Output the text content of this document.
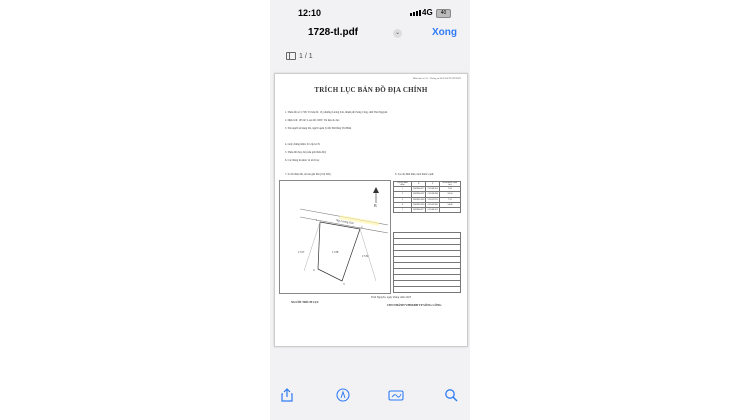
12:10	4G	40
1728-tl.pdf	⌄	Xong
1 / 1
Mẫu bản số 10 - Thông tư 04/2024/TT-BTNMT
TRÍCH LỤC BẢN ĐỒ ĐỊA CHÍNH
1. Thửa đất số: 1728; Tờ bản đồ: 15; phường Lương Sơn, thành phố Sông Công, tỉnh Thái Nguyên
2. Diện tích: 193 m²; Loại đất: ODT; Tài liệu đo đạc:
3. Tên người sử dụng đất, người quản lý đất: Bà Đồng Thị Hiền
4. Giấy chứng nhận: Số cấp GCN
5. Thửa đất thay đổi (nếu giải thửa đất):
6. Các thông tin khác về trích lục
7. Sơ đồ thửa đất, tài sản gắn liền (tỉ lệ 500)	8. Tọa độ đỉnh thửa, kích thước cạnh:
B
Ng Lương Sơn
1728
1727
1729
1
2
3
4
Tọa độ đỉnh thửa	X	Y	Kích thước cạnh (m)
1	2389850.877	512508.361	7.66
2	2389850.897	512509.898	24.54
3	2389825.882	512512.975	7.91
4	2389825.983	512505.982	24.46
1	2389850.877	512508.361	
Thái Nguyên, ngày tháng năm 2025
NGƯỜI TRÍCH LỤC
CHI NHÁNH VPĐKĐĐ TP SÔNG CÔNG
